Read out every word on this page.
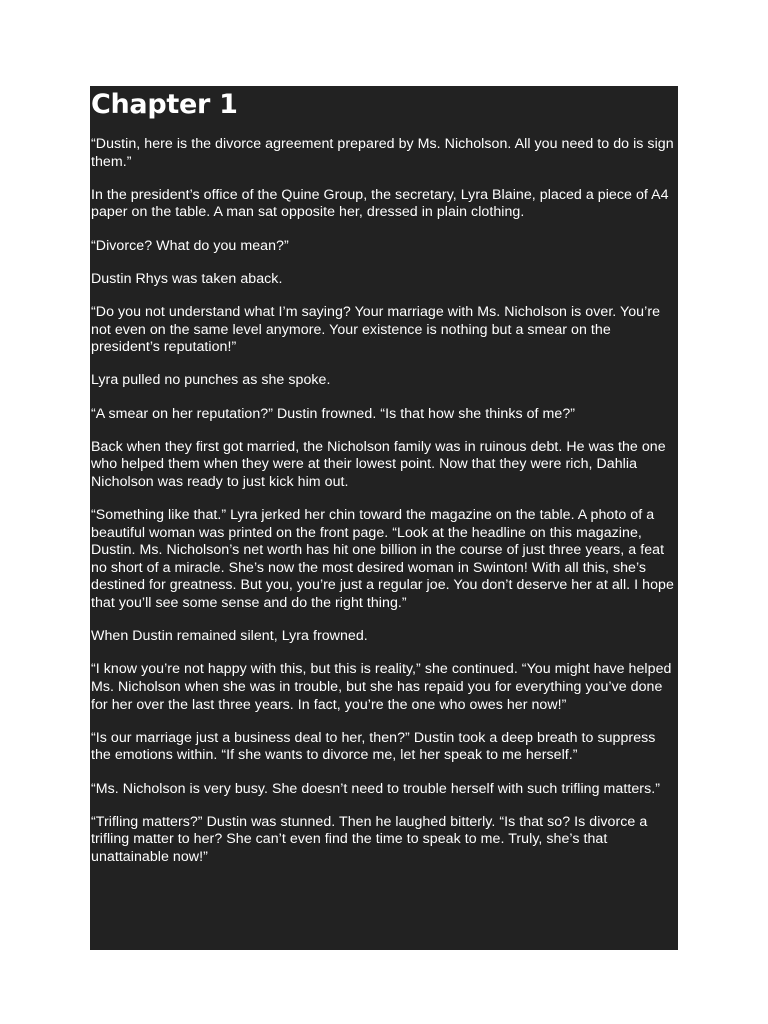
Chapter 1

“Dustin, here is the divorce agreement prepared by Ms. Nicholson. All you need to do is sign them.”

In the president’s office of the Quine Group, the secretary, Lyra Blaine, placed a piece of A4 paper on the table. A man sat opposite her, dressed in plain clothing.

“Divorce? What do you mean?”

Dustin Rhys was taken aback.

“Do you not understand what I’m saying? Your marriage with Ms. Nicholson is over. You’re not even on the same level anymore. Your existence is nothing but a smear on the president’s reputation!”

Lyra pulled no punches as she spoke.

“A smear on her reputation?” Dustin frowned. “Is that how she thinks of me?”

Back when they first got married, the Nicholson family was in ruinous debt. He was the one who helped them when they were at their lowest point. Now that they were rich, Dahlia Nicholson was ready to just kick him out.

“Something like that.” Lyra jerked her chin toward the magazine on the table. A photo of a beautiful woman was printed on the front page. “Look at the headline on this magazine, Dustin. Ms. Nicholson’s net worth has hit one billion in the course of just three years, a feat no short of a miracle. She’s now the most desired woman in Swinton! With all this, she’s destined for greatness. But you, you’re just a regular joe. You don’t deserve her at all. I hope that you’ll see some sense and do the right thing.”

When Dustin remained silent, Lyra frowned.

“I know you’re not happy with this, but this is reality,” she continued. “You might have helped Ms. Nicholson when she was in trouble, but she has repaid you for everything you’ve done for her over the last three years. In fact, you’re the one who owes her now!”

“Is our marriage just a business deal to her, then?” Dustin took a deep breath to suppress the emotions within. “If she wants to divorce me, let her speak to me herself.”

“Ms. Nicholson is very busy. She doesn’t need to trouble herself with such trifling matters.”

“Trifling matters?” Dustin was stunned. Then he laughed bitterly. “Is that so? Is divorce a trifling matter to her? She can’t even find the time to speak to me. Truly, she’s that unattainable now!”
